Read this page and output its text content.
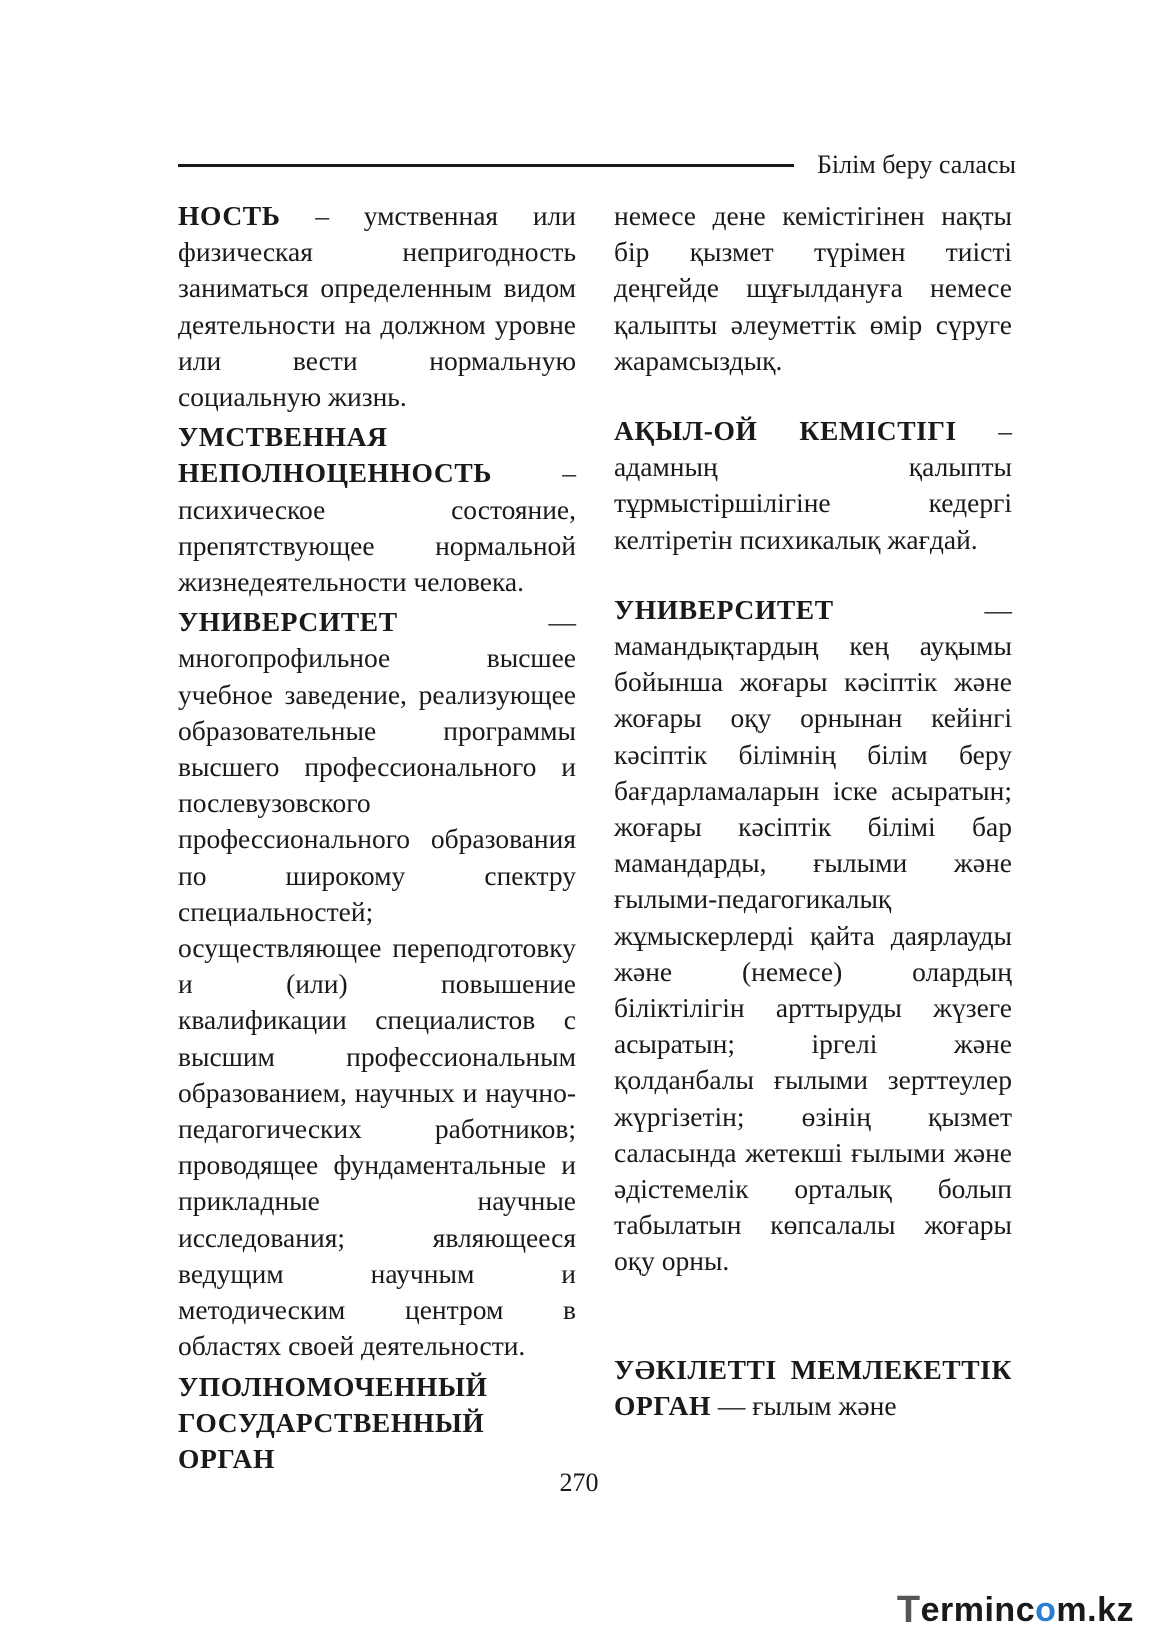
Білім беру саласы

НОСТЬ – умственная или физическая непригодность заниматься определенным видом деятельности на должном уровне или вести нормальную социальную жизнь.

УМСТВЕННАЯ НЕПОЛНОЦЕННОСТЬ – психическое состояние, препятствующее нормальной жизнедеятельности человека.

УНИВЕРСИТЕТ — многопрофильное высшее учебное заведение, реализующее образовательные программы высшего профессионального и послевузовского профессионального образования по широкому спектру специальностей; осуществляющее переподготовку и (или) повышение квалификации специалистов с высшим профессиональным образованием, научных и научно-педагогических работников; проводящее фундаментальные и прикладные научные исследования; являющееся ведущим научным и методическим центром в областях своей деятельности.

УПОЛНОМОЧЕННЫЙ ГОСУДАРСТВЕННЫЙ ОРГАН

немесе дене кемістігінен нақты бір қызмет түрімен тиісті деңгейде шұғылдануға немесе қалыпты әлеуметтік өмір сүруге жарамсыздық.

АҚЫЛ-ОЙ КЕМІСТІГІ – адамның қалыпты тұрмыстіршілігіне кедергі келтіретін психикалық жағдай.

УНИВЕРСИТЕТ — мамандықтардың кең ауқымы бойынша жоғары кәсіптік және жоғары оқу орнынан кейінгі кәсіптік білімнің білім беру бағдарламаларын іске асыратын; жоғары кәсіптік білімі бар мамандарды, ғылыми және ғылыми-педагогикалық жұмыскерлерді қайта даярлауды және (немесе) олардың біліктілігін арттыруды жүзеге асыратын; іргелі және қолданбалы ғылыми зерттеулер жүргізетін; өзінің қызмет саласында жетекші ғылыми және әдістемелік орталық болып табылатын көпсалалы жоғары оқу орны.

УӘКІЛЕТТІ МЕМЛЕКЕТТІК ОРГАН — ғылым және

270
T ermin c o m.kz
